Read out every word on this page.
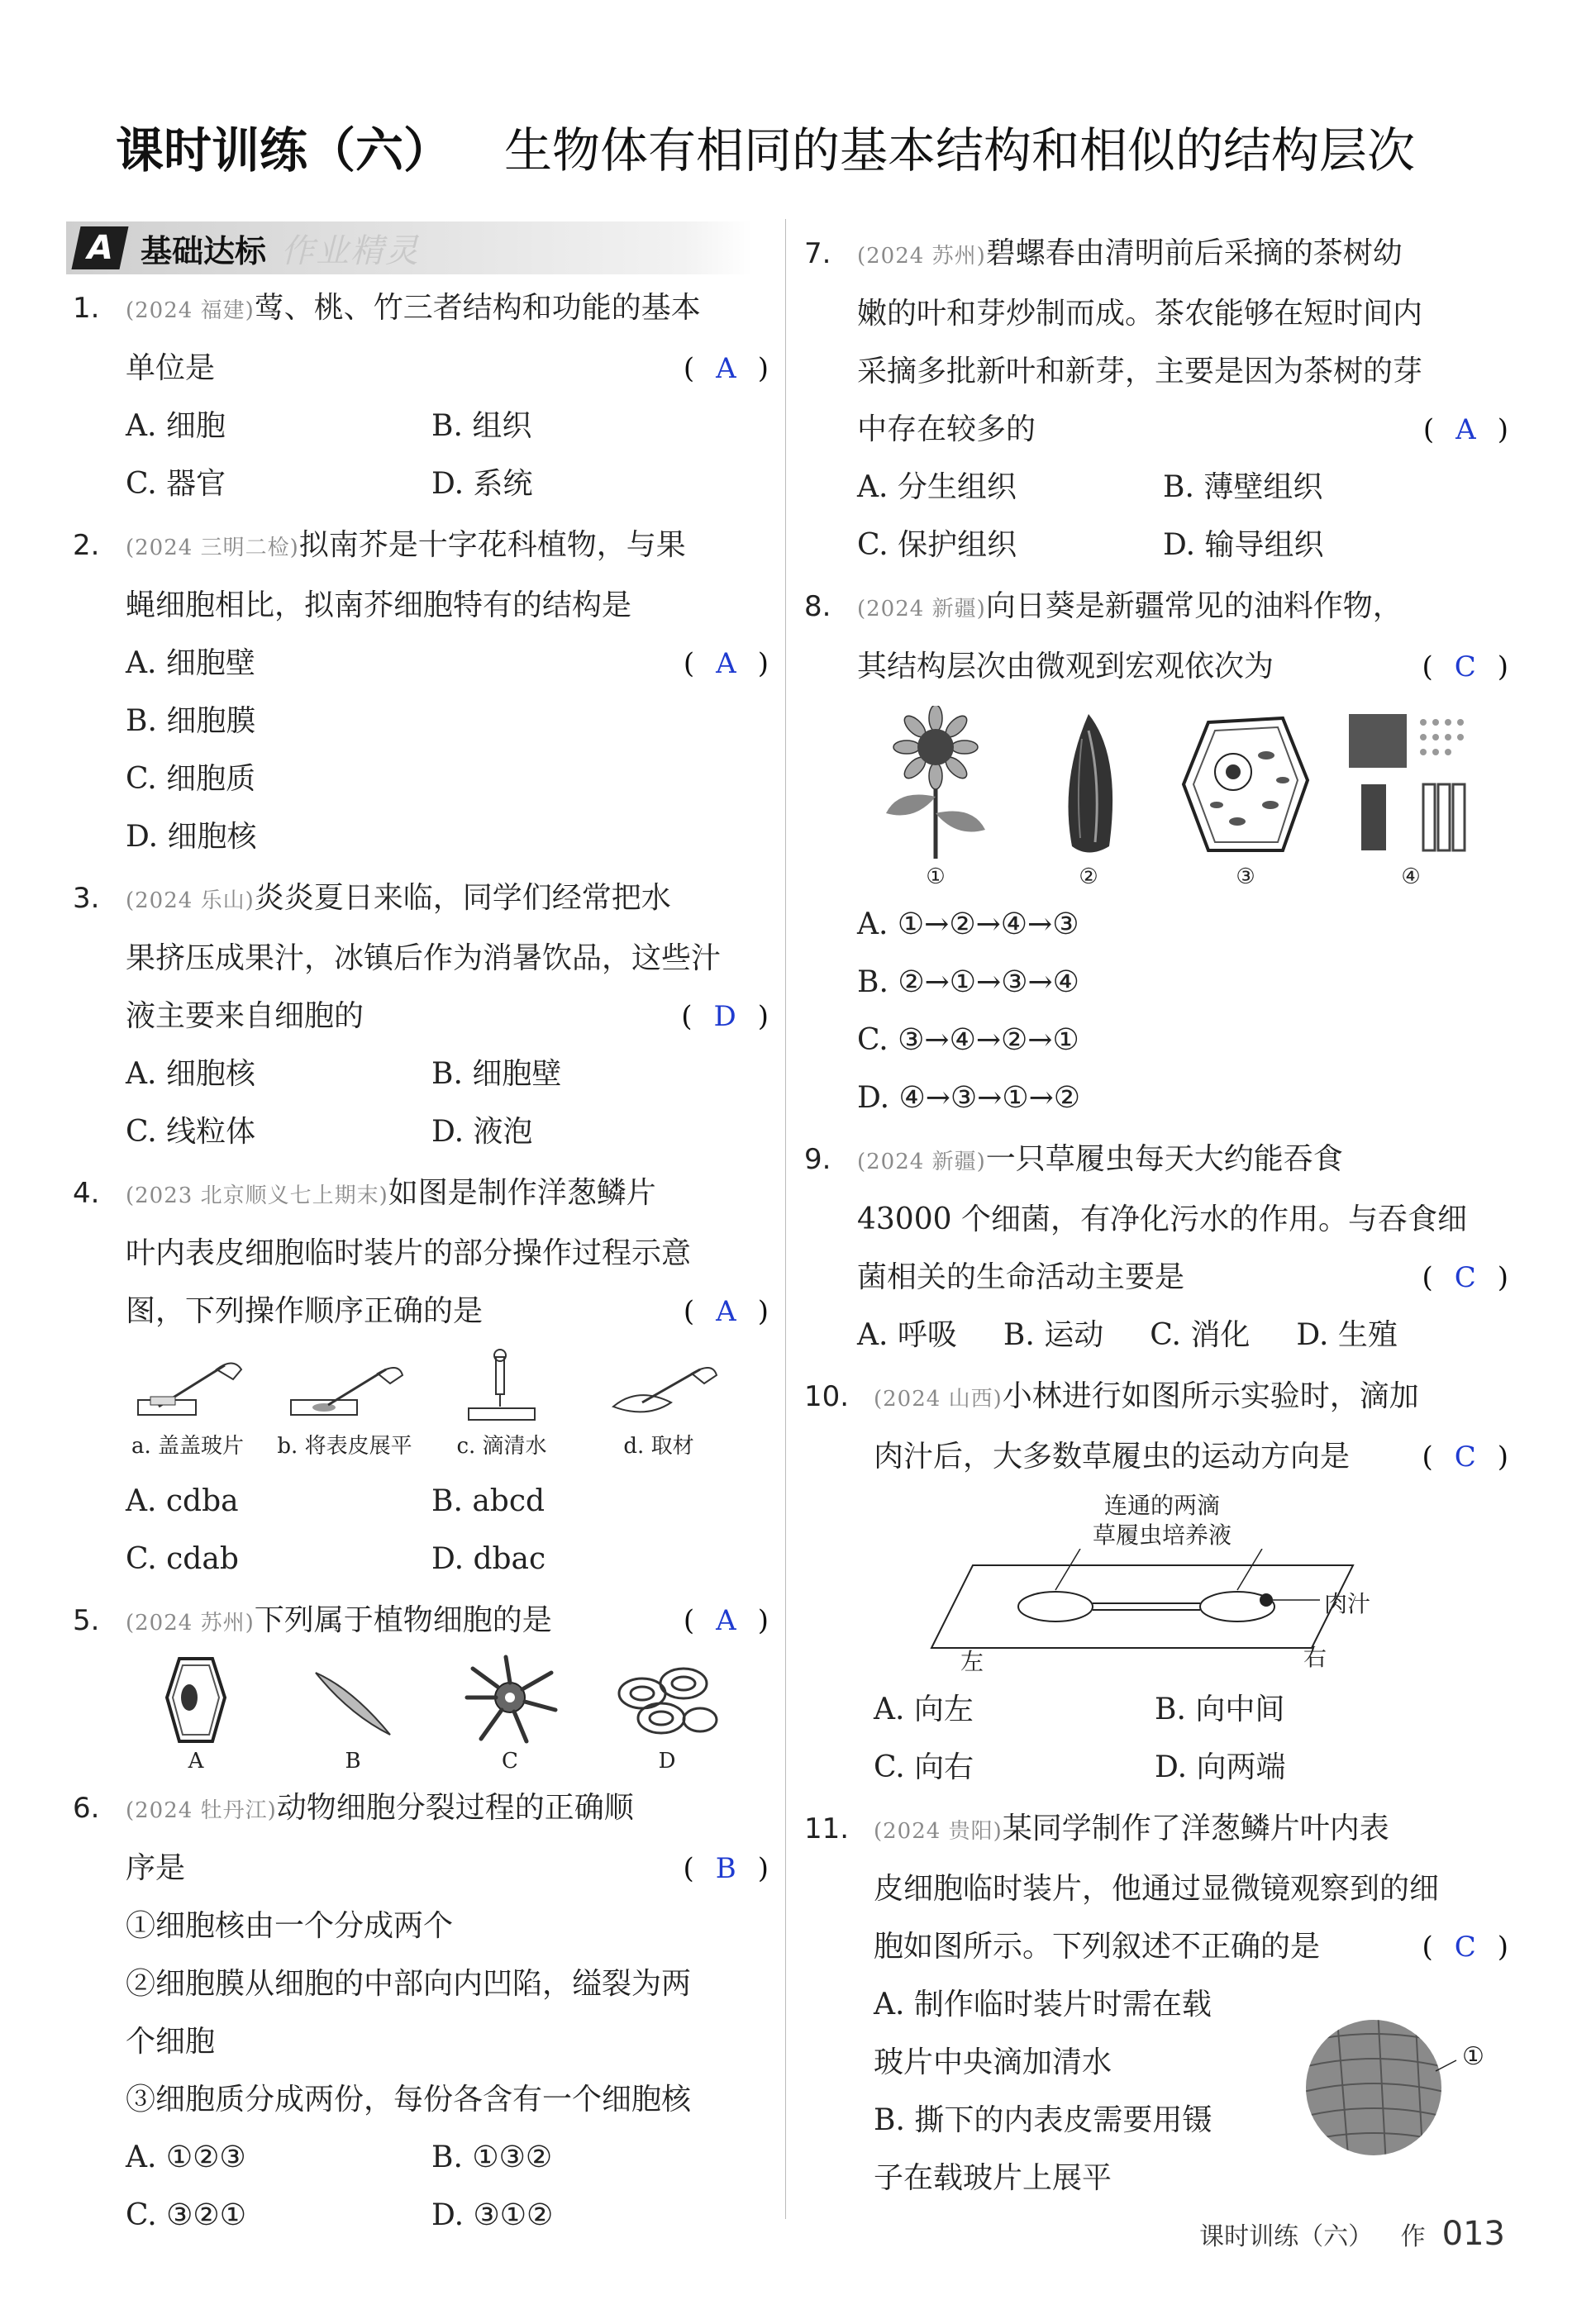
课时训练（六） 生物体有相同的基本结构和相似的结构层次
A 基础达标 作业精灵
1. (2024 福建)莺、桃、竹三者结构和功能的基本
单位是	( A )
A. 细胞	B. 组织
C. 器官	D. 系统
2. (2024 三明二检)拟南芥是十字花科植物，与果
蝇细胞相比，拟南芥细胞特有的结构是
( A )
A. 细胞壁
B. 细胞膜
C. 细胞质
D. 细胞核
3. (2024 乐山)炎炎夏日来临，同学们经常把水
果挤压成果汁，冰镇后作为消暑饮品，这些汁
液主要来自细胞的	( D )
A. 细胞核	B. 细胞壁
C. 线粒体	D. 液泡
4. (2023 北京顺义七上期末)如图是制作洋葱鳞片
叶内表皮细胞临时装片的部分操作过程示意
图，下列操作顺序正确的是	( A )
a. 盖盖玻片 b. 将表皮展平 c. 滴清水	d. 取材
A. cdba	B. abcd
C. cdab	D. dbac
5. (2024 苏州)下列属于植物细胞的是	( A )
A	B	C	D
6. (2024 牡丹江)动物细胞分裂过程的正确顺
序是	( B )
①细胞核由一个分成两个
②细胞膜从细胞的中部向内凹陷，缢裂为两
个细胞
③细胞质分成两份，每份各含有一个细胞核
A. ①②③	B. ①③②
C. ③②①	D. ③①②
7. (2024 苏州)碧螺春由清明前后采摘的茶树幼
嫩的叶和芽炒制而成。茶农能够在短时间内
采摘多批新叶和新芽，主要是因为茶树的芽
中存在较多的	( A )
A. 分生组织	B. 薄壁组织
C. 保护组织	D. 输导组织
8. (2024 新疆)向日葵是新疆常见的油料作物，
其结构层次由微观到宏观依次为	( C )
①	②	③	④
A. ①→②→④→③
B. ②→①→③→④
C. ③→④→②→①
D. ④→③→①→②
9. (2024 新疆)一只草履虫每天大约能吞食
43000 个细菌，有净化污水的作用。与吞食细
菌相关的生命活动主要是	( C )
A. 呼吸 B. 运动 C. 消化 D. 生殖
10. (2024 山西)小林进行如图所示实验时，滴加
肉汁后，大多数草履虫的运动方向是	( C )
连通的两滴
草履虫培养液
肉汁
左	右
A. 向左	B. 向中间
C. 向右	D. 向两端
11. (2024 贵阳)某同学制作了洋葱鳞片叶内表
皮细胞临时装片，他通过显微镜观察到的细
胞如图所示。下列叙述不正确的是	( C )
A. 制作临时装片时需在载
玻片中央滴加清水
B. 撕下的内表皮需要用镊
子在载玻片上展平
①
课时训练（六） 作 013
